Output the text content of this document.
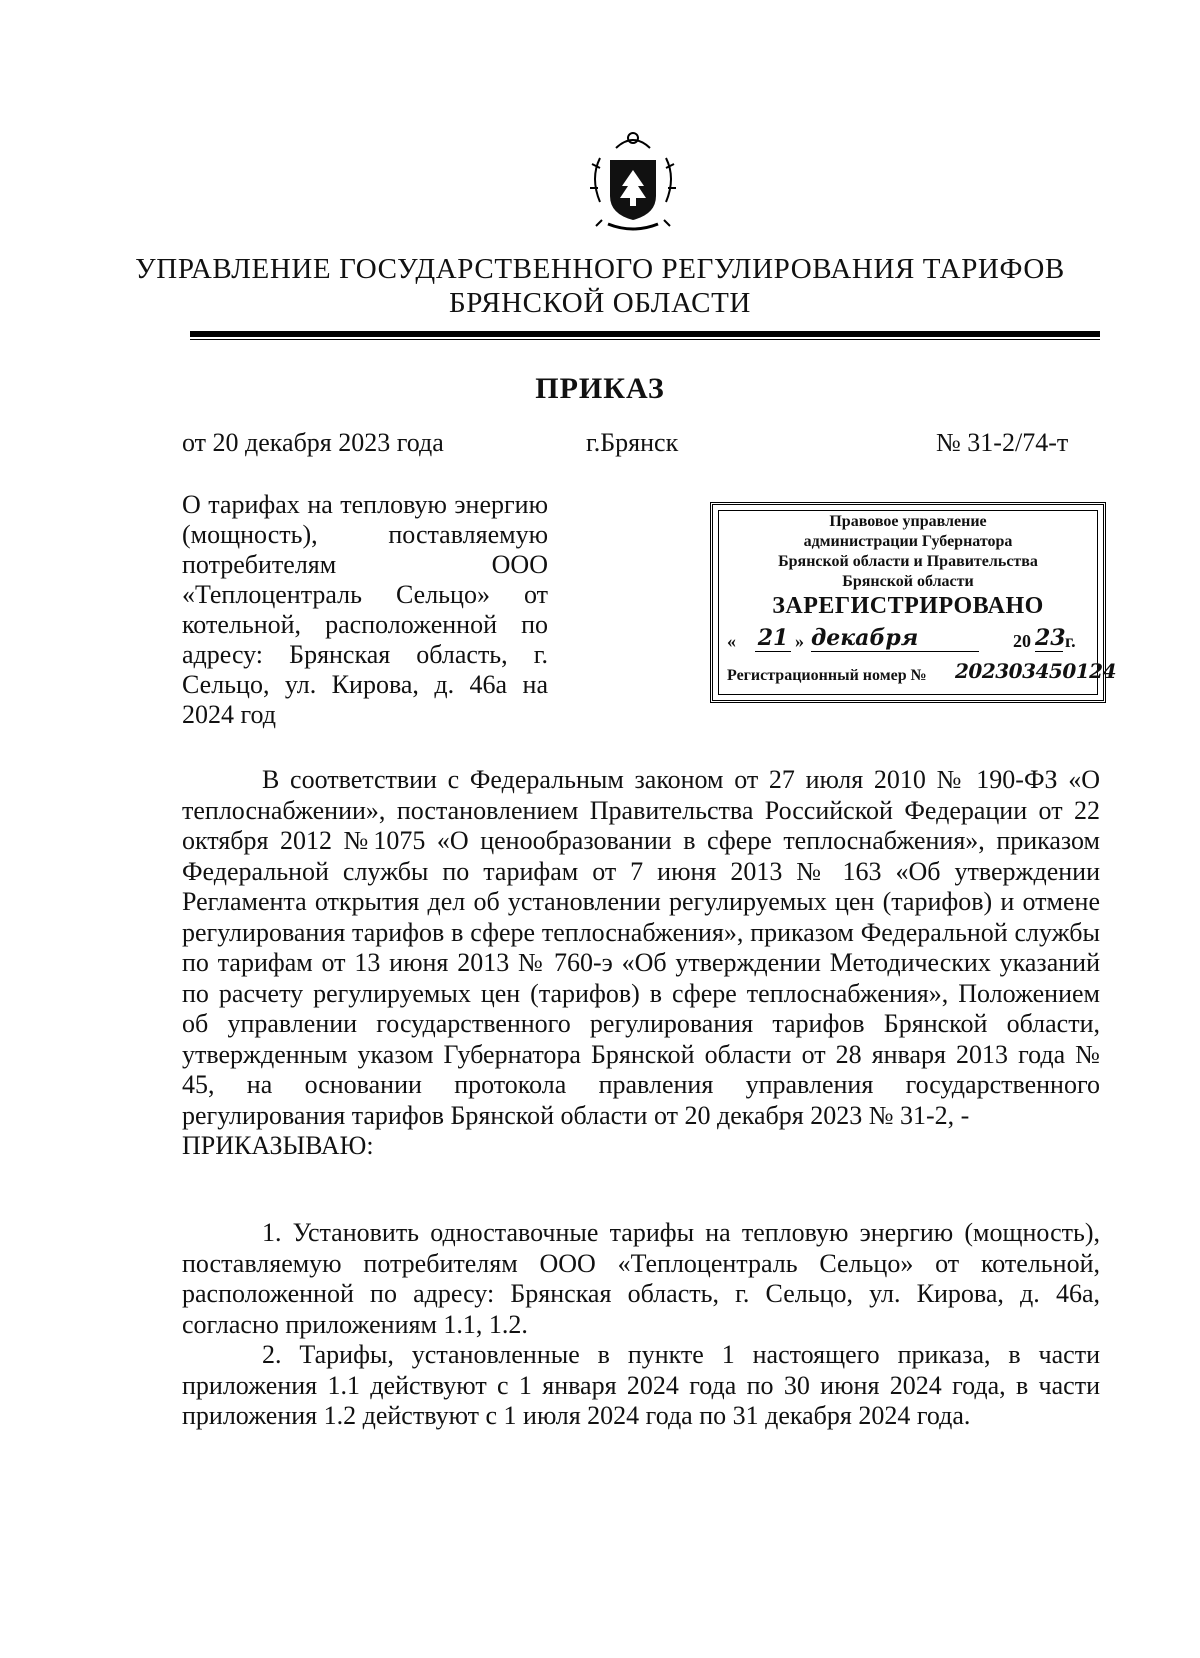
УПРАВЛЕНИЕ ГОСУДАРСТВЕННОГО РЕГУЛИРОВАНИЯ ТАРИФОВ
БРЯНСКОЙ ОБЛАСТИ
ПРИКАЗ
от 20 декабря 2023 года	г.Брянск	№ 31-2/74-т
О тарифах на тепловую энергию (мощность), поставляемую потребителям ООО «Теплоцентраль Сельцо» от котельной, расположенной по адресу: Брянская область, г. Сельцо, ул. Кирова, д. 46а на 2024 год
Правовое управление
администрации Губернатора
Брянской области и Правительства
Брянской области
ЗАРЕГИСТРИРОВАНО
« 21 » декабря	20 23 г.
Регистрационный номер № 202303450124
В соответствии с Федеральным законом от 27 июля 2010 № 190-ФЗ «О теплоснабжении», постановлением Правительства Российской Федерации от 22 октября 2012 №1075 «О ценообразовании в сфере теплоснабжения», приказом Федеральной службы по тарифам от 7 июня 2013 № 163 «Об утверждении Регламента открытия дел об установлении регулируемых цен (тарифов) и отмене регулирования тарифов в сфере теплоснабжения», приказом Федеральной службы по тарифам от 13 июня 2013 № 760-э «Об утверждении Методических указаний по расчету регулируемых цен (тарифов) в сфере теплоснабжения», Положением об управлении государственного регулирования тарифов Брянской области, утвержденным указом Губернатора Брянской области от 28 января 2013 года № 45, на основании протокола правления управления государственного регулирования тарифов Брянской области от 20 декабря 2023 № 31-2, -
ПРИКАЗЫВАЮ:
1. Установить одноставочные тарифы на тепловую энергию (мощность), поставляемую потребителям ООО «Теплоцентраль Сельцо» от котельной, расположенной по адресу: Брянская область, г. Сельцо, ул. Кирова, д. 46а, согласно приложениям 1.1, 1.2.
2. Тарифы, установленные в пункте 1 настоящего приказа, в части приложения 1.1 действуют с 1 января 2024 года по 30 июня 2024 года, в части приложения 1.2 действуют с 1 июля 2024 года по 31 декабря 2024 года.
